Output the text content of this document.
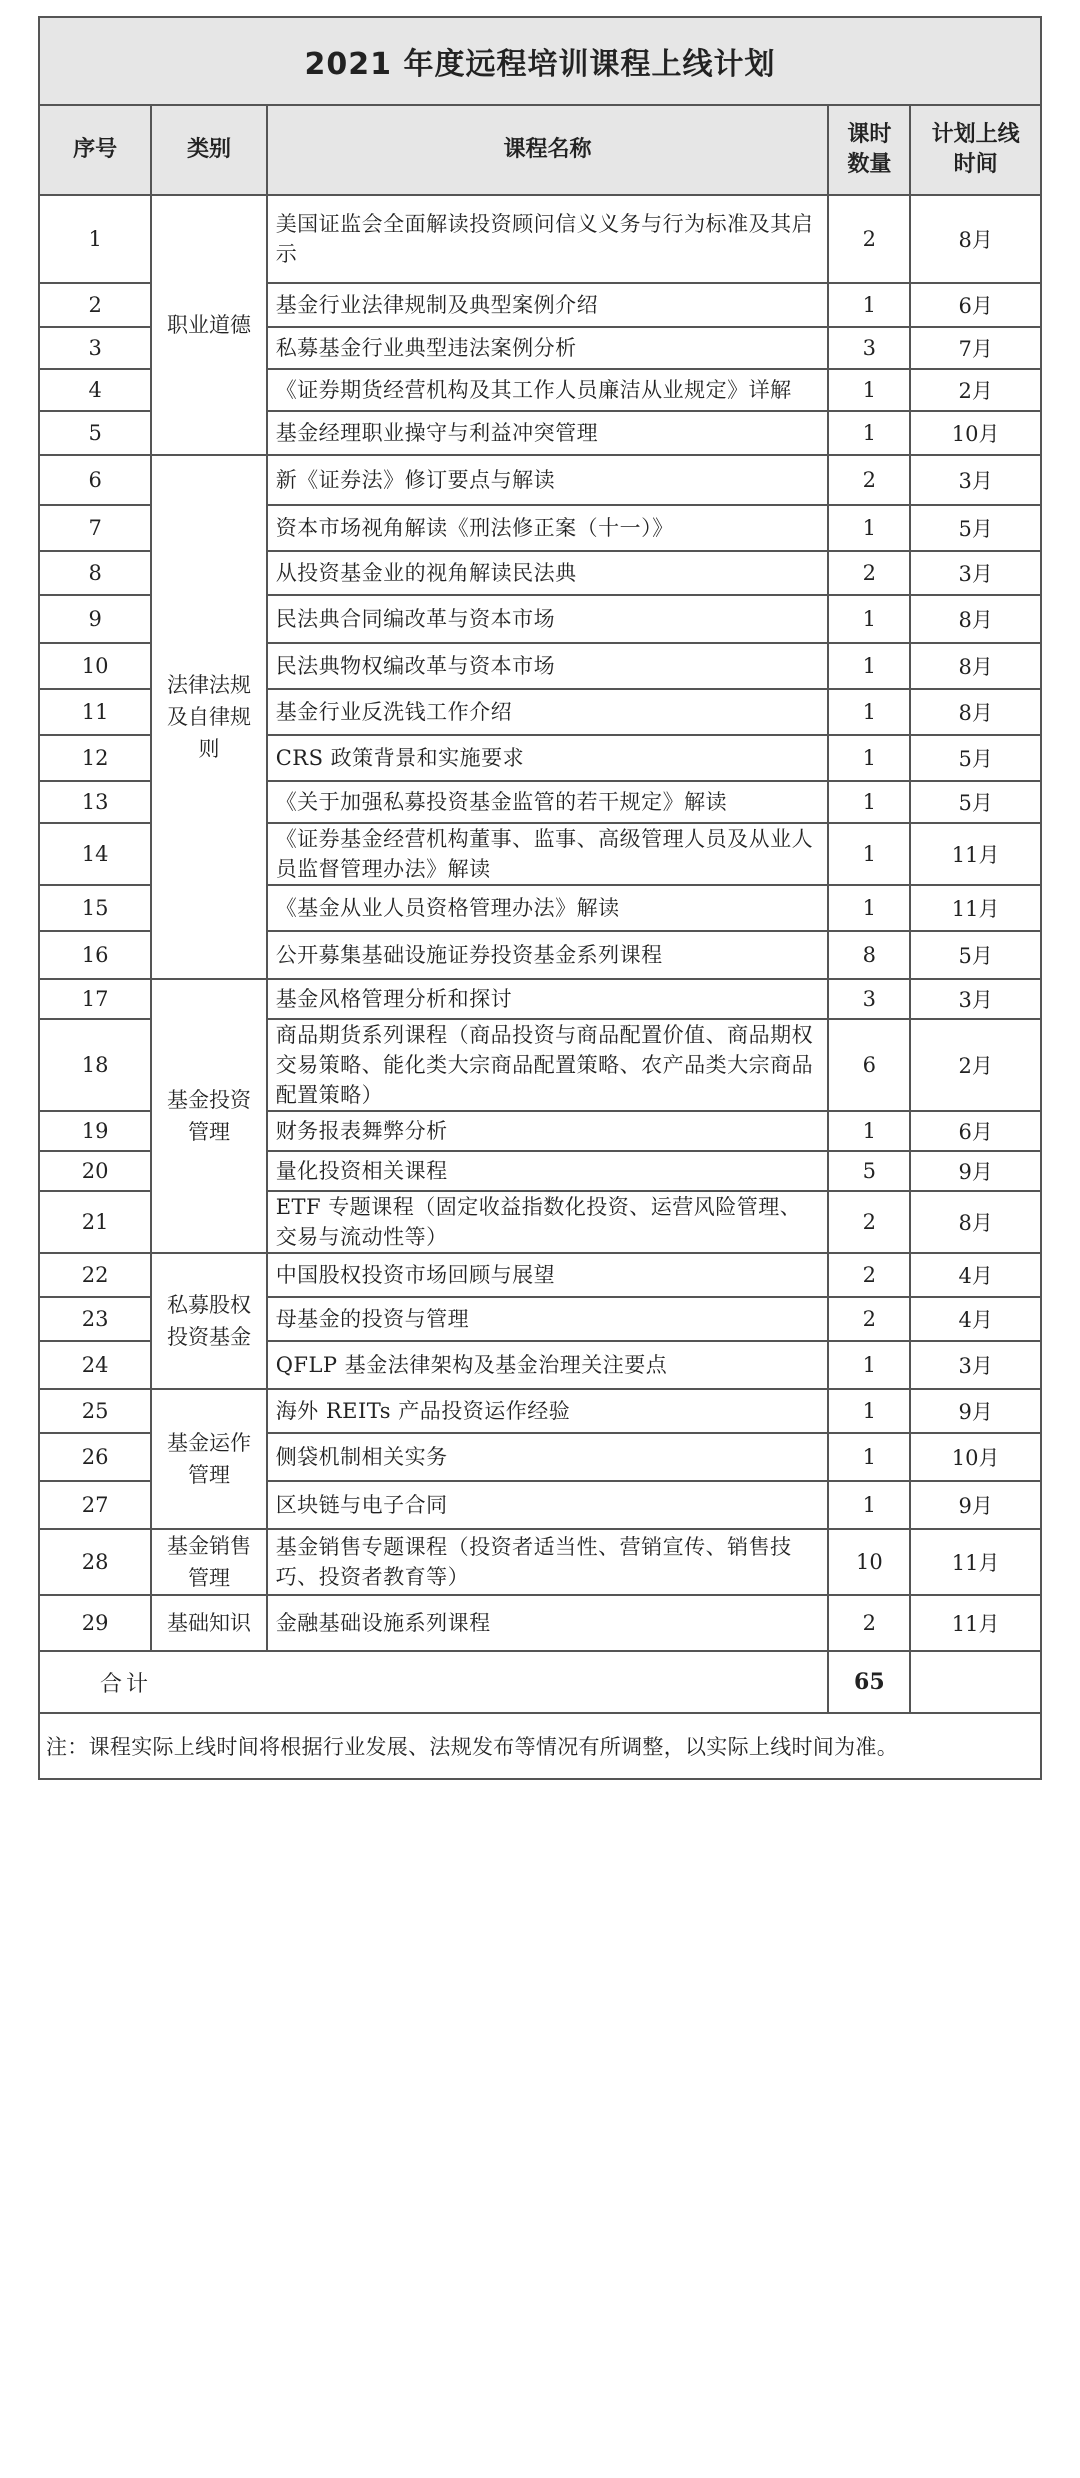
2021 年度远程培训课程上线计划				
序号	类别	课程名称	课时数量	计划上线时间
1	职业道德	美国证监会全面解读投资顾问信义义务与行为标准及其启示	2	8月
2		基金行业法律规制及典型案例介绍	1	6月
3		私募基金行业典型违法案例分析	3	7月
4		《证券期货经营机构及其工作人员廉洁从业规定》详解	1	2月
5		基金经理职业操守与利益冲突管理	1	10月
6	法律法规及自律规则	新《证券法》修订要点与解读	2	3月
7		资本市场视角解读《刑法修正案（十一）》	1	5月
8		从投资基金业的视角解读民法典	2	3月
9		民法典合同编改革与资本市场	1	8月
10		民法典物权编改革与资本市场	1	8月
11		基金行业反洗钱工作介绍	1	8月
12		CRS 政策背景和实施要求	1	5月
13		《关于加强私募投资基金监管的若干规定》解读	1	5月
14		《证券基金经营机构董事、监事、高级管理人员及从业人员监督管理办法》解读	1	11月
15		《基金从业人员资格管理办法》解读	1	11月
16		公开募集基础设施证券投资基金系列课程	8	5月
17	基金投资管理	基金风格管理分析和探讨	3	3月
18		商品期货系列课程（商品投资与商品配置价值、商品期权交易策略、能化类大宗商品配置策略、农产品类大宗商品配置策略）	6	2月
19		财务报表舞弊分析	1	6月
20		量化投资相关课程	5	9月
21		ETF 专题课程（固定收益指数化投资、运营风险管理、交易与流动性等）	2	8月
22	私募股权投资基金	中国股权投资市场回顾与展望	2	4月
23		母基金的投资与管理	2	4月
24		QFLP 基金法律架构及基金治理关注要点	1	3月
25	基金运作管理	海外 REITs 产品投资运作经验	1	9月
26		侧袋机制相关实务	1	10月
27		区块链与电子合同	1	9月
28	基金销售管理	基金销售专题课程（投资者适当性、营销宣传、销售技巧、投资者教育等）	10	11月
29	基础知识	金融基础设施系列课程	2	11月
合计			65	
注：课程实际上线时间将根据行业发展、法规发布等情况有所调整，以实际上线时间为准。				
